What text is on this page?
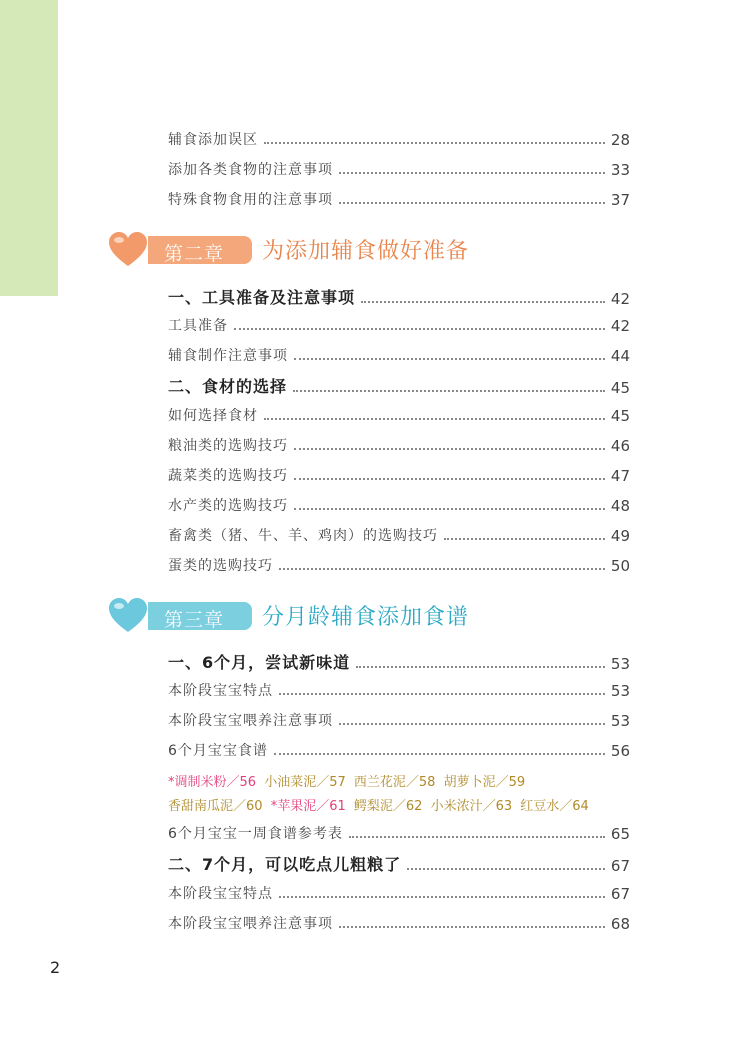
辅食添加误区	28
添加各类食物的注意事项	33
特殊食物食用的注意事项	37
第二章 为添加辅食做好准备
一、工具准备及注意事项	42
工具准备	42
辅食制作注意事项	44
二、食材的选择	45
如何选择食材	45
粮油类的选购技巧	46
蔬菜类的选购技巧	47
水产类的选购技巧	48
畜禽类（猪、牛、羊、鸡肉）的选购技巧	49
蛋类的选购技巧	50
第三章 分月龄辅食添加食谱
一、6个月，尝试新味道	53
本阶段宝宝特点	53
本阶段宝宝喂养注意事项	53
6个月宝宝食谱	56
*调制米粉／56 小油菜泥／57 西兰花泥／58 胡萝卜泥／59
香甜南瓜泥／60 *苹果泥／61 鳄梨泥／62 小米浓汁／63 红豆水／64
6个月宝宝一周食谱参考表	65
二、7个月，可以吃点儿粗粮了	67
本阶段宝宝特点	67
本阶段宝宝喂养注意事项	68
2
